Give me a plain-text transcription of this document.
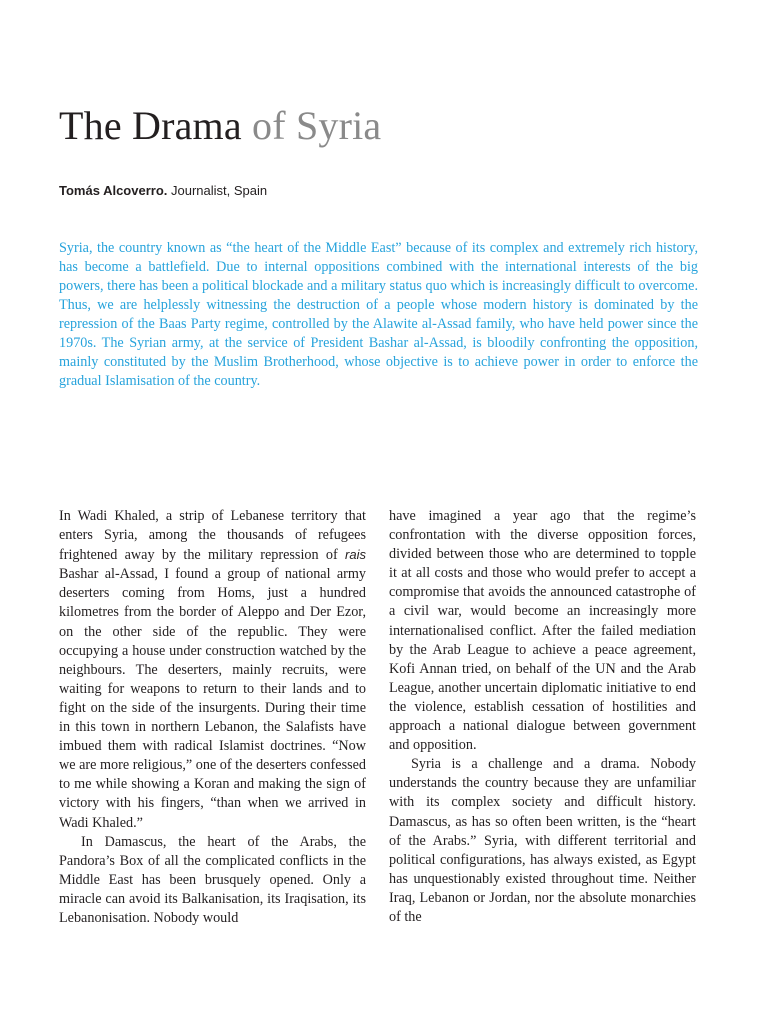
The Drama of Syria
Tomás Alcoverro. Journalist, Spain

Syria, the country known as “the heart of the Middle East” because of its complex and extremely rich history, has become a battlefield. Due to internal oppositions combined with the international interests of the big powers, there has been a political blockade and a military status quo which is increasingly difficult to overcome. Thus, we are helplessly witnessing the destruction of a people whose modern history is dominated by the repression of the Baas Party regime, controlled by the Alawite al-Assad family, who have held power since the 1970s. The Syrian army, at the service of President Bashar al-Assad, is bloodily confronting the opposition, mainly constituted by the Muslim Brotherhood, whose objective is to achieve power in order to enforce the gradual Islamisation of the country.

In Wadi Khaled, a strip of Lebanese territory that enters Syria, among the thousands of refugees frightened away by the military repression of rais Bashar al-Assad, I found a group of national army deserters coming from Homs, just a hundred kilometres from the border of Aleppo and Der Ezor, on the other side of the republic. They were occupying a house under construction watched by the neighbours. The deserters, mainly recruits, were waiting for weapons to return to their lands and to fight on the side of the insurgents. During their time in this town in northern Lebanon, the Salafists have imbued them with radical Islamist doctrines. “Now we are more religious,” one of the deserters confessed to me while showing a Koran and making the sign of victory with his fingers, “than when we arrived in Wadi Khaled.”

In Damascus, the heart of the Arabs, the Pandora’s Box of all the complicated conflicts in the Middle East has been brusquely opened. Only a miracle can avoid its Balkanisation, its Iraqisation, its Lebanonisation. Nobody would

have imagined a year ago that the regime’s confrontation with the diverse opposition forces, divided between those who are determined to topple it at all costs and those who would prefer to accept a compromise that avoids the announced catastrophe of a civil war, would become an increasingly more internationalised conflict. After the failed mediation by the Arab League to achieve a peace agreement, Kofi Annan tried, on behalf of the UN and the Arab League, another uncertain diplomatic initiative to end the violence, establish cessation of hostilities and approach a national dialogue between government and opposition.

Syria is a challenge and a drama. Nobody understands the country because they are unfamiliar with its complex society and difficult history. Damascus, as has so often been written, is the “heart of the Arabs.” Syria, with different territorial and political configurations, has always existed, as Egypt has unquestionably existed throughout time. Neither Iraq, Lebanon or Jordan, nor the absolute monarchies of the
